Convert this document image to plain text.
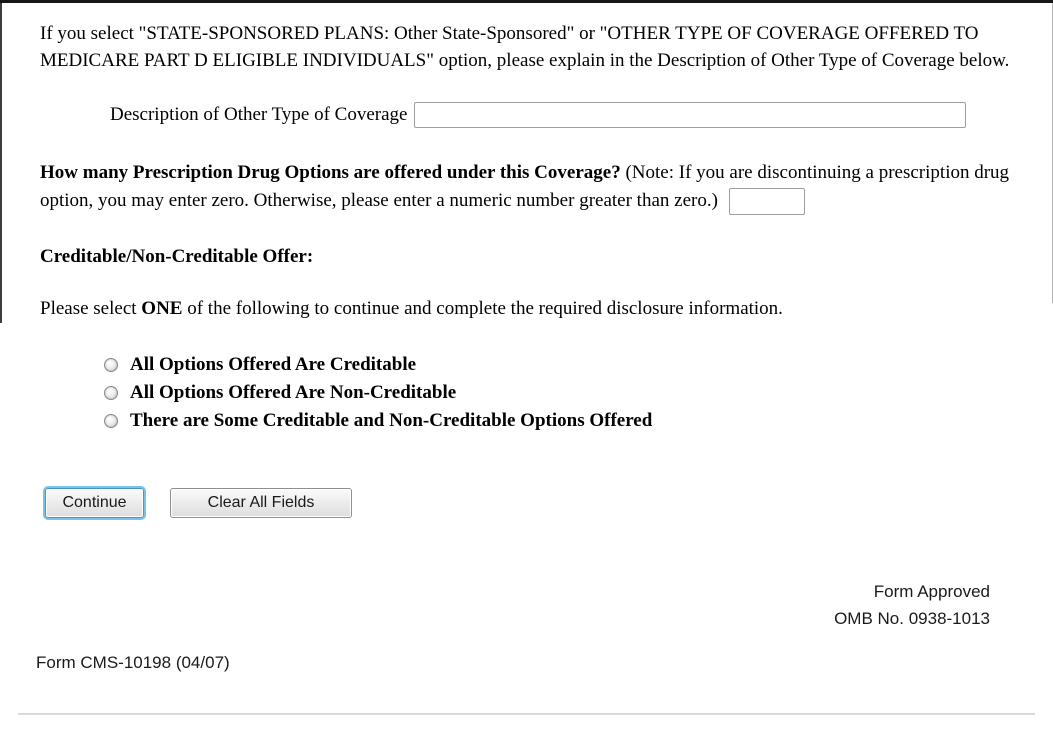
If you select "STATE-SPONSORED PLANS: Other State-Sponsored" or "OTHER TYPE OF COVERAGE OFFERED TO MEDICARE PART D ELIGIBLE INDIVIDUALS" option, please explain in the Description of Other Type of Coverage below.

Description of Other Type of Coverage

How many Prescription Drug Options are offered under this Coverage? (Note: If you are discontinuing a prescription drug option, you may enter zero. Otherwise, please enter a numeric number greater than zero.)

Creditable/Non-Creditable Offer:

Please select ONE of the following to continue and complete the required disclosure information.

All Options Offered Are Creditable
All Options Offered Are Non-Creditable
There are Some Creditable and Non-Creditable Options Offered
Continue	Clear All Fields
Form Approved
OMB No. 0938-1013
Form CMS-10198 (04/07)
